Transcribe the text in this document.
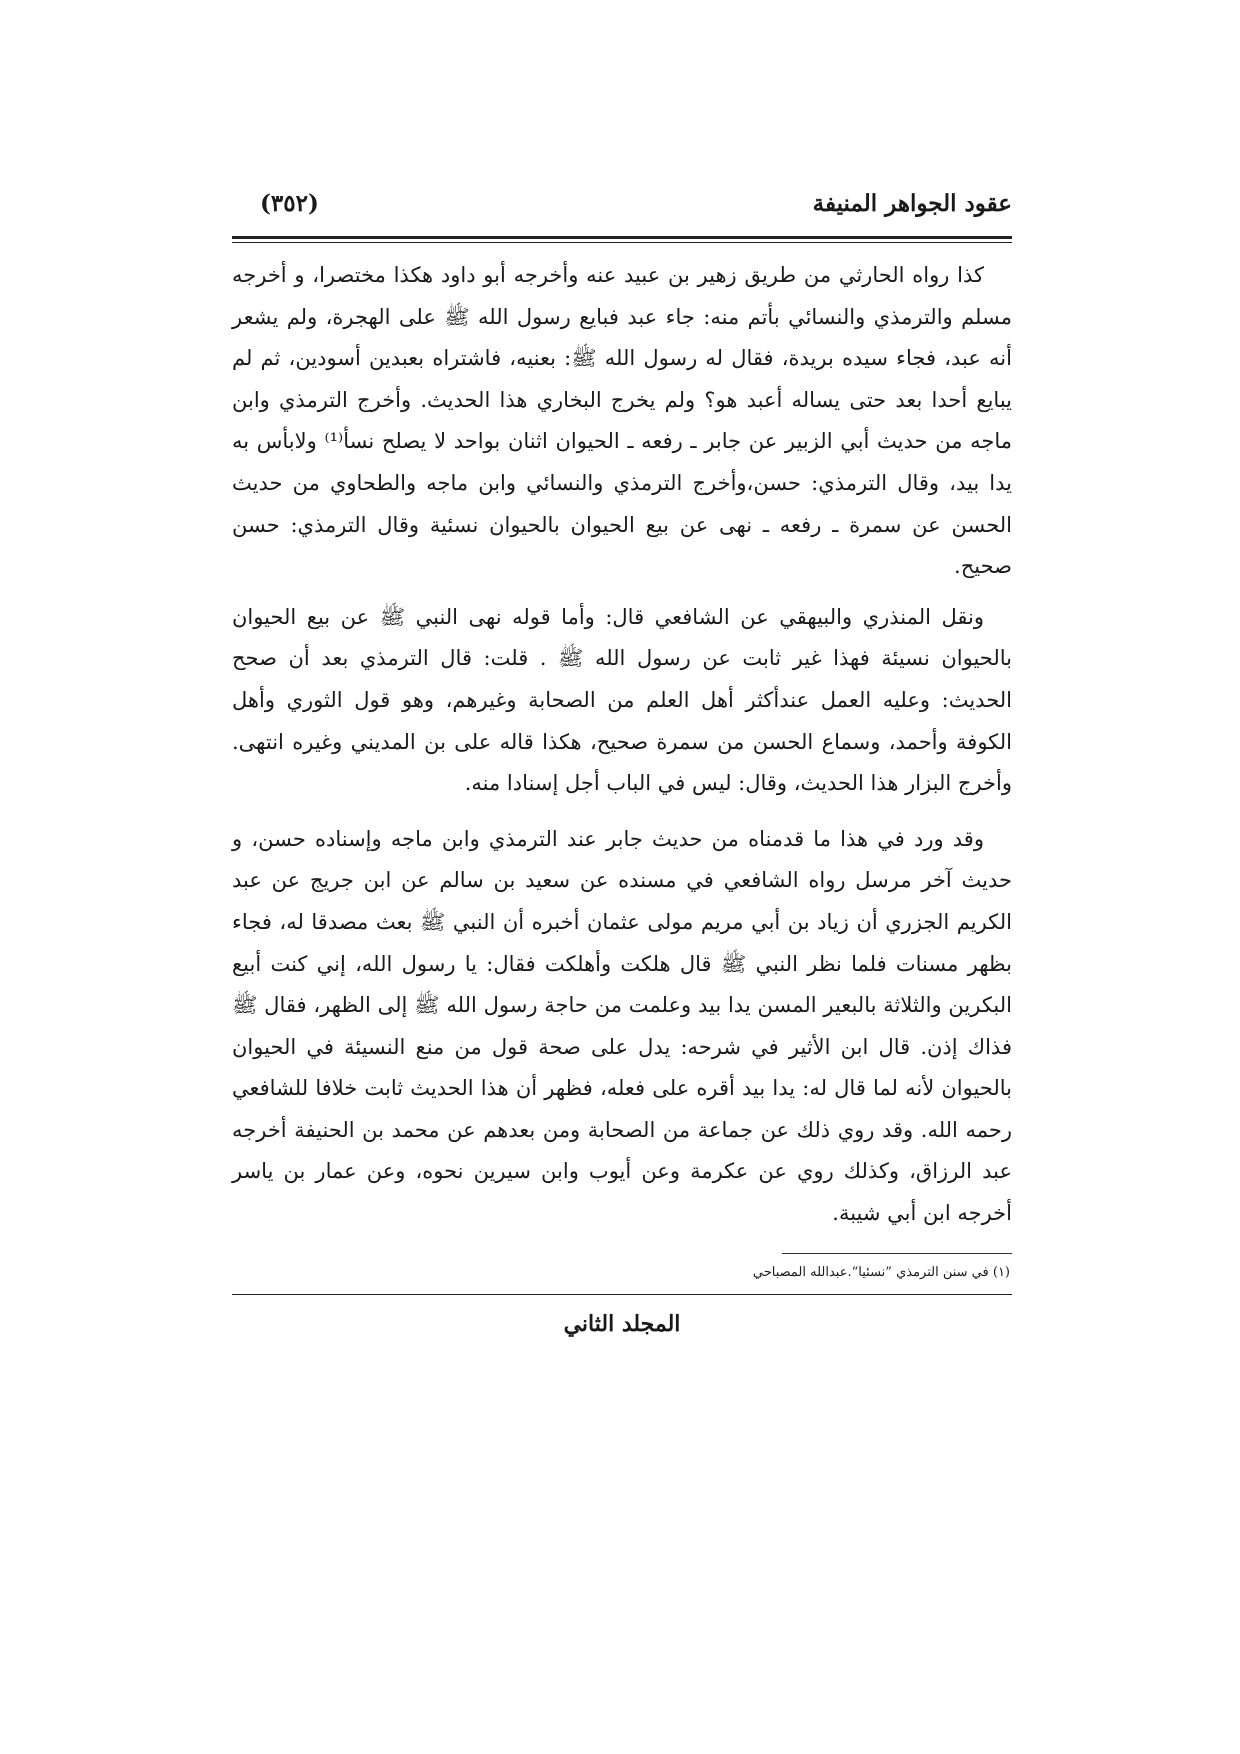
عقود الجواهر المنيفة
(٣٥٢)

كذا رواه الحارثي من طريق زهير بن عبيد عنه وأخرجه أبو داود هكذا مختصرا، و أخرجه مسلم والترمذي والنسائي بأتم منه: جاء عبد فبايع رسول الله ﷺ على الهجرة، ولم يشعر أنه عبد، فجاء سيده بريدة، فقال له رسول الله ﷺ: بعنيه، فاشتراه بعبدين أسودين، ثم لم يبايع أحدا بعد حتى يساله أعبد هو؟ ولم يخرج البخاري هذا الحديث. وأخرج الترمذي وابن ماجه من حديث أبي الزبير عن جابر ـ رفعه ـ الحيوان اثنان بواحد لا يصلح نسأ⁽¹⁾ ولابأس به يدا بيد، وقال الترمذي: حسن،وأخرج الترمذي والنسائي وابن ماجه والطحاوي من حديث الحسن عن سمرة ـ رفعه ـ نهى عن بيع الحيوان بالحيوان نسئية وقال الترمذي: حسن صحيح.

ونقل المنذري والبيهقي عن الشافعي قال: وأما قوله نهى النبي ﷺ عن بيع الحيوان بالحيوان نسيئة فهذا غير ثابت عن رسول الله ﷺ . قلت: قال الترمذي بعد أن صحح الحديث: وعليه العمل عندأكثر أهل العلم من الصحابة وغيرهم، وهو قول الثوري وأهل الكوفة وأحمد، وسماع الحسن من سمرة صحيح، هكذا قاله على بن المديني وغيره انتهى. وأخرج البزار هذا الحديث، وقال: ليس في الباب أجل إسنادا منه.

وقد ورد في هذا ما قدمناه من حديث جابر عند الترمذي وابن ماجه وإسناده حسن، و حديث آخر مرسل رواه الشافعي في مسنده عن سعيد بن سالم عن ابن جريج عن عبد الكريم الجزري أن زياد بن أبي مريم مولى عثمان أخبره أن النبي ﷺ بعث مصدقا له، فجاء بظهر مسنات فلما نظر النبي ﷺ قال هلكت وأهلكت فقال: يا رسول الله، إني كنت أبيع البكرين والثلاثة بالبعير المسن يدا بيد وعلمت من حاجة رسول الله ﷺ إلى الظهر، فقال ﷺ فذاك إذن. قال ابن الأثير في شرحه: يدل على صحة قول من منع النسيئة في الحيوان بالحيوان لأنه لما قال له: يدا بيد أقره على فعله، فظهر أن هذا الحديث ثابت خلافا للشافعي رحمه الله. وقد روي ذلك عن جماعة من الصحابة ومن بعدهم عن محمد بن الحنيفة أخرجه عبد الرزاق، وكذلك روي عن عكرمة وعن أيوب وابن سيرين نحوه، وعن عمار بن ياسر أخرجه ابن أبي شيبة.

(١) في سنن الترمذي ”نسئيا“.عبدالله المصباحي
المجلد الثاني
